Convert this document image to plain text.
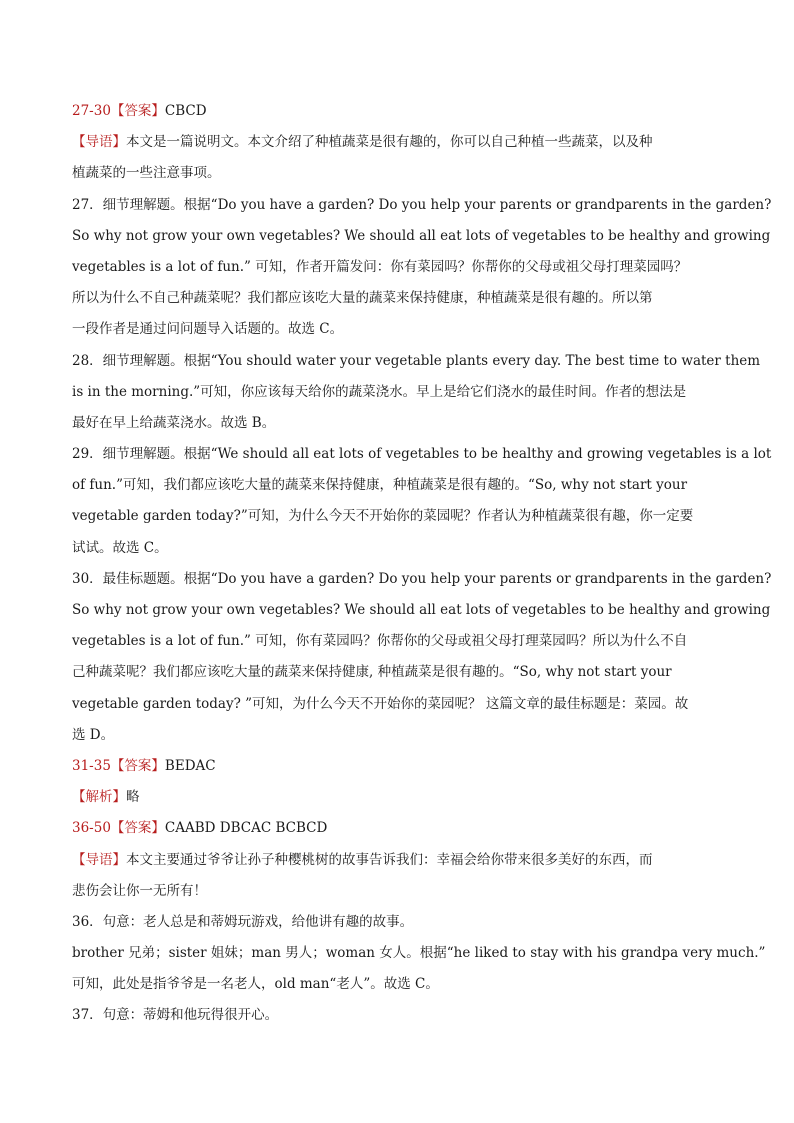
27-30【答案】CBCD
【导语】本文是一篇说明文。本文介绍了种植蔬菜是很有趣的，你可以自己种植一些蔬菜，以及种
植蔬菜的一些注意事项。
27．细节理解题。根据“Do you have a garden? Do you help your parents or grandparents in the garden?
So why not grow your own vegetables? We should all eat lots of vegetables to be healthy and growing
vegetables is a lot of fun.” 可知，作者开篇发问：你有菜园吗？你帮你的父母或祖父母打理菜园吗？
所以为什么不自己种蔬菜呢？我们都应该吃大量的蔬菜来保持健康，种植蔬菜是很有趣的。所以第
一段作者是通过问问题导入话题的。故选 C。
28．细节理解题。根据“You should water your vegetable plants every day. The best time to water them
is in the morning.”可知，你应该每天给你的蔬菜浇水。早上是给它们浇水的最佳时间。作者的想法是
最好在早上给蔬菜浇水。故选 B。
29．细节理解题。根据“We should all eat lots of vegetables to be healthy and growing vegetables is a lot
of fun.”可知，我们都应该吃大量的蔬菜来保持健康，种植蔬菜是很有趣的。“So, why not start your
vegetable garden today?”可知，为什么今天不开始你的菜园呢？作者认为种植蔬菜很有趣，你一定要
试试。故选 C。
30．最佳标题题。根据“Do you have a garden? Do you help your parents or grandparents in the garden?
So why not grow your own vegetables? We should all eat lots of vegetables to be healthy and growing
vegetables is a lot of fun.” 可知，你有菜园吗？你帮你的父母或祖父母打理菜园吗？所以为什么不自
己种蔬菜呢？我们都应该吃大量的蔬菜来保持健康, 种植蔬菜是很有趣的。“So, why not start your
vegetable garden today? ”可知，为什么今天不开始你的菜园呢？ 这篇文章的最佳标题是：菜园。故
选 D。
31-35【答案】BEDAC
【解析】略
36-50【答案】CAABD DBCAC BCBCD
【导语】本文主要通过爷爷让孙子种樱桃树的故事告诉我们：幸福会给你带来很多美好的东西，而
悲伤会让你一无所有！
36．句意：老人总是和蒂姆玩游戏，给他讲有趣的故事。
brother 兄弟；sister 姐妹；man 男人；woman 女人。根据“he liked to stay with his grandpa very much.”
可知，此处是指爷爷是一名老人，old man“老人”。故选 C。
37．句意：蒂姆和他玩得很开心。
